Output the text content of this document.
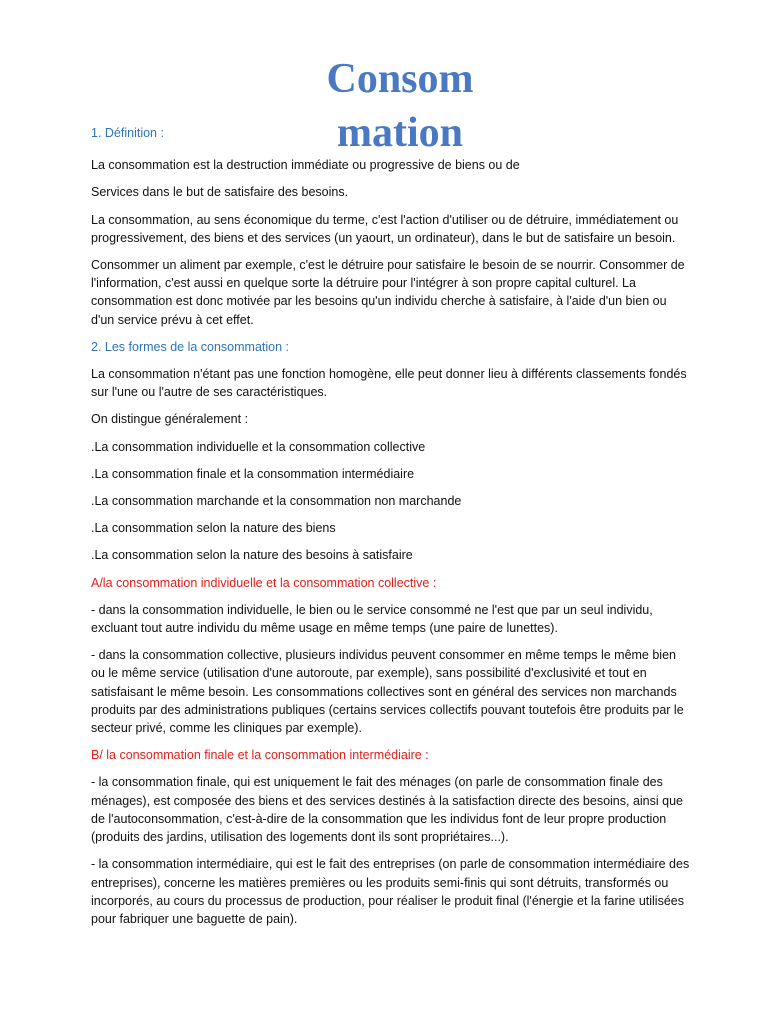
Consom
mation

1. Définition :

La consommation est la destruction immédiate ou progressive de biens ou de

Services dans le but de satisfaire des besoins.

La consommation, au sens économique du terme, c'est l'action d'utiliser ou de détruire, immédiatement ou progressivement, des biens et des services (un yaourt, un ordinateur), dans le but de satisfaire un besoin.

Consommer un aliment par exemple, c'est le détruire pour satisfaire le besoin de se nourrir. Consommer de l'information, c'est aussi en quelque sorte la détruire pour l'intégrer à son propre capital culturel. La consommation est donc motivée par les besoins qu'un individu cherche à satisfaire, à l'aide d'un bien ou d'un service prévu à cet effet.

2. Les formes de la consommation :

La consommation n'étant pas une fonction homogène, elle peut donner lieu à différents classements fondés sur l'une ou l'autre de ses caractéristiques.

On distingue généralement :

.La consommation individuelle et la consommation collective

.La consommation finale et la consommation intermédiaire

.La consommation marchande et la consommation non marchande

.La consommation selon la nature des biens

.La consommation selon la nature des besoins à satisfaire

A/la consommation individuelle et la consommation collective :

- dans la consommation individuelle, le bien ou le service consommé ne l'est que par un seul individu, excluant tout autre individu du même usage en même temps (une paire de lunettes).

- dans la consommation collective, plusieurs individus peuvent consommer en même temps le même bien ou le même service (utilisation d'une autoroute, par exemple), sans possibilité d'exclusivité et tout en satisfaisant le même besoin. Les consommations collectives sont en général des services non marchands produits par des administrations publiques (certains services collectifs pouvant toutefois être produits par le secteur privé, comme les cliniques par exemple).

B/ la consommation finale et la consommation intermédiaire :

- la consommation finale, qui est uniquement le fait des ménages (on parle de consommation finale des ménages), est composée des biens et des services destinés à la satisfaction directe des besoins, ainsi que de l'autoconsommation, c'est-à-dire de la consommation que les individus font de leur propre production (produits des jardins, utilisation des logements dont ils sont propriétaires...).

- la consommation intermédiaire, qui est le fait des entreprises (on parle de consommation intermédiaire des entreprises), concerne les matières premières ou les produits semi-finis qui sont détruits, transformés ou incorporés, au cours du processus de production, pour réaliser le produit final (l'énergie et la farine utilisées pour fabriquer une baguette de pain).
